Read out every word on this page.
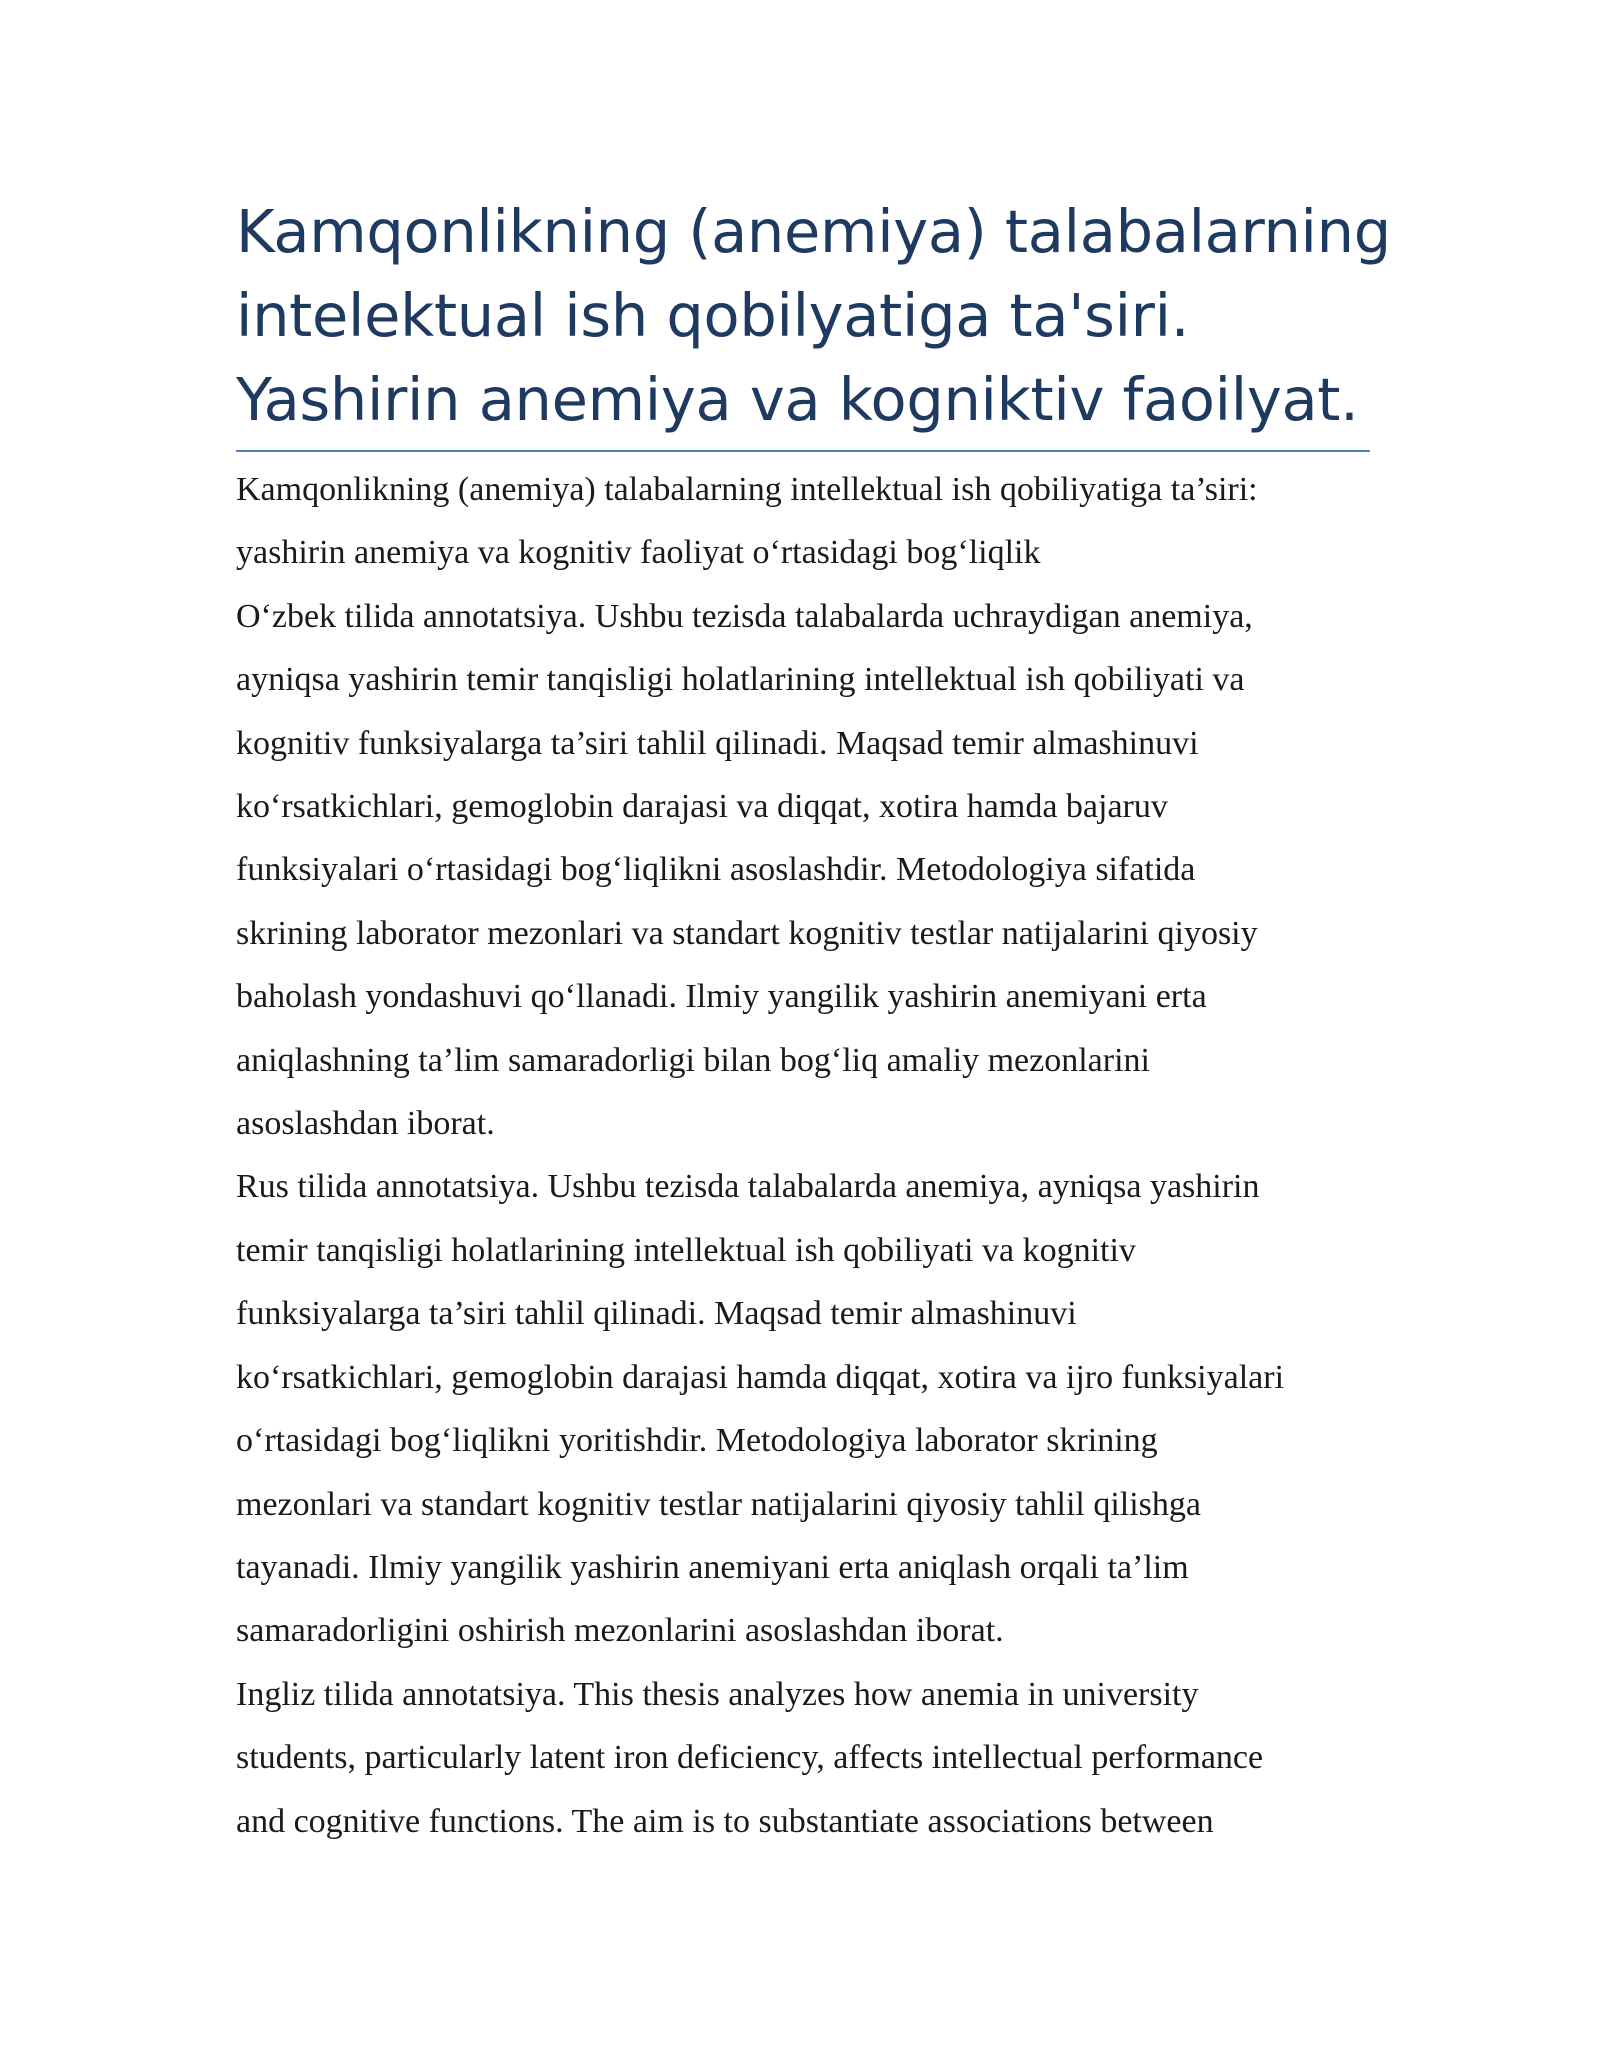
Kamqonlikning (anemiya) talabalarning
intelektual ish qobilyatiga ta'siri.
Yashirin anemiya va kogniktiv faoilyat.
Kamqonlikning (anemiya) talabalarning intellektual ish qobiliyatiga ta’siri:
yashirin anemiya va kognitiv faoliyat o‘rtasidagi bog‘liqlik
O‘zbek tilida annotatsiya. Ushbu tezisda talabalarda uchraydigan anemiya,
ayniqsa yashirin temir tanqisligi holatlarining intellektual ish qobiliyati va
kognitiv funksiyalarga ta’siri tahlil qilinadi. Maqsad temir almashinuvi
ko‘rsatkichlari, gemoglobin darajasi va diqqat, xotira hamda bajaruv
funksiyalari o‘rtasidagi bog‘liqlikni asoslashdir. Metodologiya sifatida
skrining laborator mezonlari va standart kognitiv testlar natijalarini qiyosiy
baholash yondashuvi qo‘llanadi. Ilmiy yangilik yashirin anemiyani erta
aniqlashning ta’lim samaradorligi bilan bog‘liq amaliy mezonlarini
asoslashdan iborat.
Rus tilida annotatsiya. Ushbu tezisda talabalarda anemiya, ayniqsa yashirin
temir tanqisligi holatlarining intellektual ish qobiliyati va kognitiv
funksiyalarga ta’siri tahlil qilinadi. Maqsad temir almashinuvi
ko‘rsatkichlari, gemoglobin darajasi hamda diqqat, xotira va ijro funksiyalari
o‘rtasidagi bog‘liqlikni yoritishdir. Metodologiya laborator skrining
mezonlari va standart kognitiv testlar natijalarini qiyosiy tahlil qilishga
tayanadi. Ilmiy yangilik yashirin anemiyani erta aniqlash orqali ta’lim
samaradorligini oshirish mezonlarini asoslashdan iborat.
Ingliz tilida annotatsiya. This thesis analyzes how anemia in university
students, particularly latent iron deficiency, affects intellectual performance
and cognitive functions. The aim is to substantiate associations between
